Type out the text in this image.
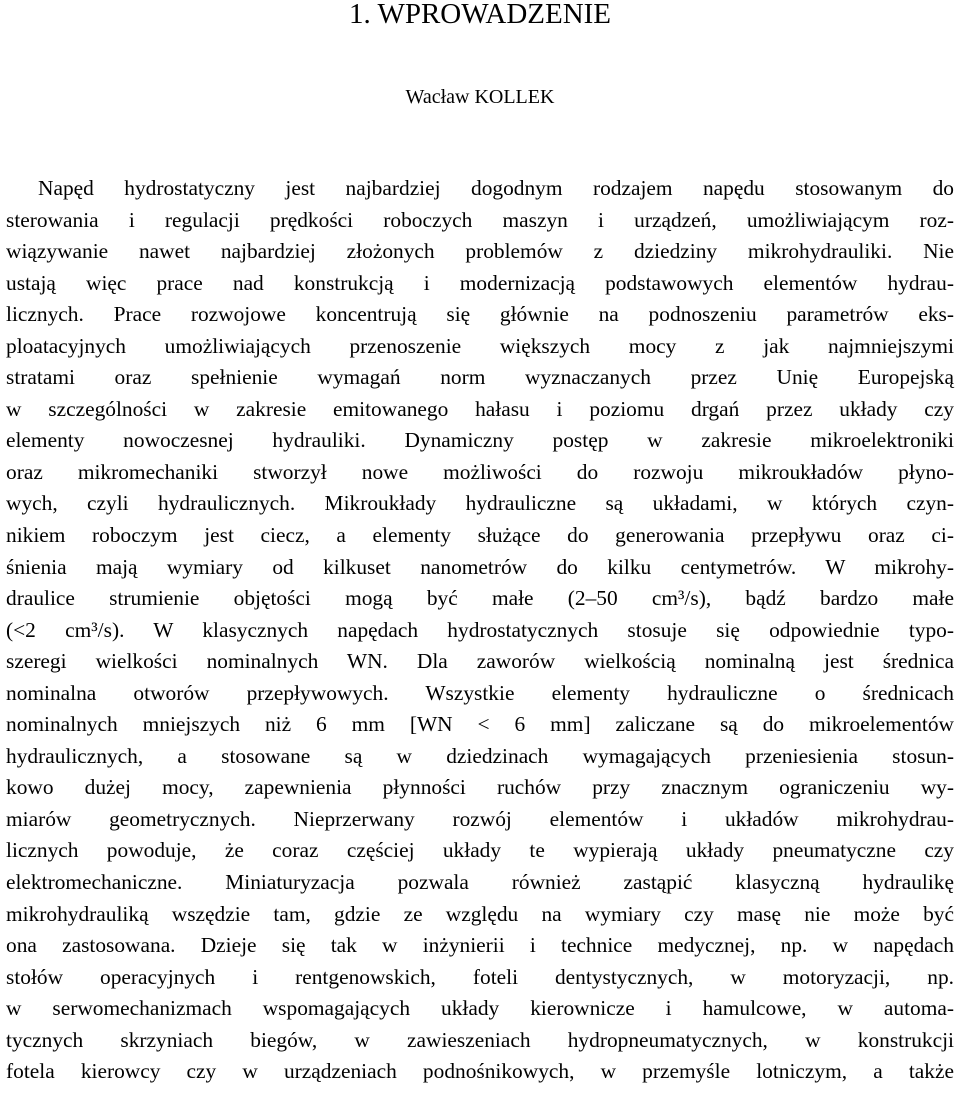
1. WPROWADZENIE

Wacław KOLLEK

Napęd hydrostatyczny jest najbardziej dogodnym rodzajem napędu stosowanym do
sterowania i regulacji prędkości roboczych maszyn i urządzeń, umożliwiającym roz-
wiązywanie nawet najbardziej złożonych problemów z dziedziny mikrohydrauliki. Nie
ustają więc prace nad konstrukcją i modernizacją podstawowych elementów hydrau-
licznych. Prace rozwojowe koncentrują się głównie na podnoszeniu parametrów eks-
ploatacyjnych umożliwiających przenoszenie większych mocy z jak najmniejszymi
stratami oraz spełnienie wymagań norm wyznaczanych przez Unię Europejską
w szczególności w zakresie emitowanego hałasu i poziomu drgań przez układy czy
elementy nowoczesnej hydrauliki. Dynamiczny postęp w zakresie mikroelektroniki
oraz mikromechaniki stworzył nowe możliwości do rozwoju mikroukładów płyno-
wych, czyli hydraulicznych. Mikroukłady hydrauliczne są układami, w których czyn-
nikiem roboczym jest ciecz, a elementy służące do generowania przepływu oraz ci-
śnienia mają wymiary od kilkuset nanometrów do kilku centymetrów. W mikrohy-
draulice strumienie objętości mogą być małe (2–50 cm³/s), bądź bardzo małe
(<2 cm³/s). W klasycznych napędach hydrostatycznych stosuje się odpowiednie typo-
szeregi wielkości nominalnych WN. Dla zaworów wielkością nominalną jest średnica
nominalna otworów przepływowych. Wszystkie elementy hydrauliczne o średnicach
nominalnych mniejszych niż 6 mm [WN < 6 mm] zaliczane są do mikroelementów
hydraulicznych, a stosowane są w dziedzinach wymagających przeniesienia stosun-
kowo dużej mocy, zapewnienia płynności ruchów przy znacznym ograniczeniu wy-
miarów geometrycznych. Nieprzerwany rozwój elementów i układów mikrohydrau-
licznych powoduje, że coraz częściej układy te wypierają układy pneumatyczne czy
elektromechaniczne. Miniaturyzacja pozwala również zastąpić klasyczną hydraulikę
mikrohydrauliką wszędzie tam, gdzie ze względu na wymiary czy masę nie może być
ona zastosowana. Dzieje się tak w inżynierii i technice medycznej, np. w napędach
stołów operacyjnych i rentgenowskich, foteli dentystycznych, w motoryzacji, np.
w serwomechanizmach wspomagających układy kierownicze i hamulcowe, w automa-
tycznych skrzyniach biegów, w zawieszeniach hydropneumatycznych, w konstrukcji
fotela kierowcy czy w urządzeniach podnośnikowych, w przemyśle lotniczym, a także
